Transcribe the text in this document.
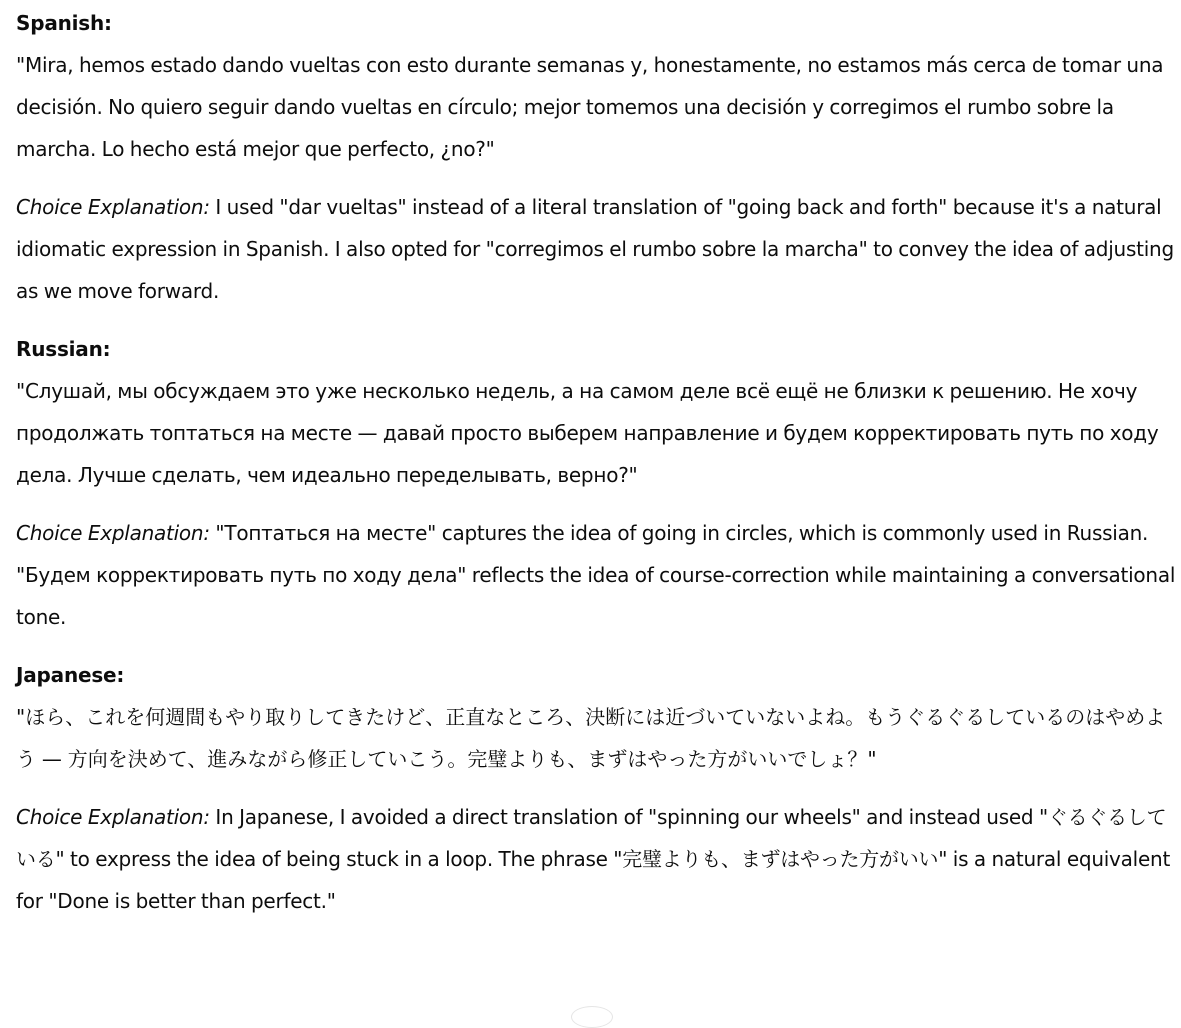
Spanish:

"Mira, hemos estado dando vueltas con esto durante semanas y, honestamente, no estamos más cerca de tomar una decisión. No quiero seguir dando vueltas en círculo; mejor tomemos una decisión y corregimos el rumbo sobre la marcha. Lo hecho está mejor que perfecto, ¿no?"

Choice Explanation: I used "dar vueltas" instead of a literal translation of "going back and forth" because it's a natural idiomatic expression in Spanish. I also opted for "corregimos el rumbo sobre la marcha" to convey the idea of adjusting as we move forward.

Russian:

"Слушай, мы обсуждаем это уже несколько недель, а на самом деле всё ещё не близки к решению. Не хочу продолжать топтаться на месте — давай просто выберем направление и будем корректировать путь по ходу дела. Лучше сделать, чем идеально переделывать, верно?"

Choice Explanation: "Топтаться на месте" captures the idea of going in circles, which is commonly used in Russian. "Будем корректировать путь по ходу дела" reflects the idea of course-correction while maintaining a conversational tone.

Japanese:

"ほら、これを何週間もやり取りしてきたけど、正直なところ、決断には近づいていないよね。もうぐるぐるしているのはやめよう — 方向を決めて、進みながら修正していこう。完璧よりも、まずはやった方がいいでしょ？"

Choice Explanation: In Japanese, I avoided a direct translation of "spinning our wheels" and instead used "ぐるぐるしている" to express the idea of being stuck in a loop. The phrase "完璧よりも、まずはやった方がいい" is a natural equivalent for "Done is better than perfect."
